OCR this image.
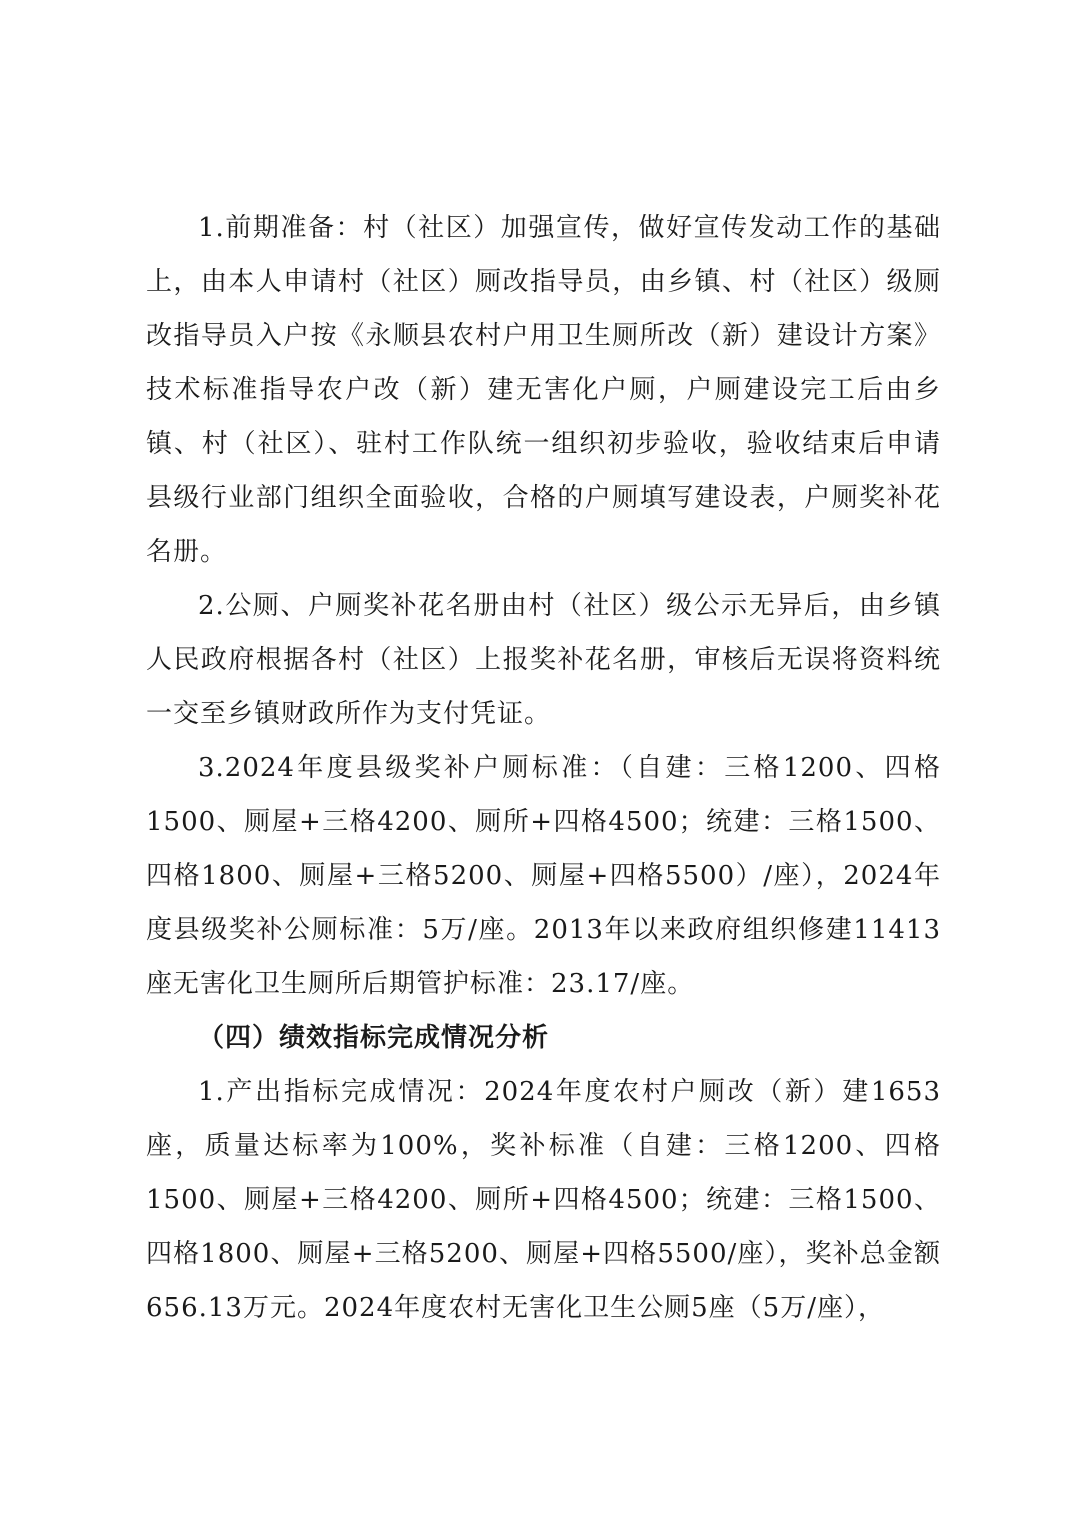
1.前期准备：村（社区）加强宣传，做好宣传发动工作的基础上，由本人申请村（社区）厕改指导员，由乡镇、村（社区）级厕改指导员入户按《永顺县农村户用卫生厕所改（新）建设计方案》技术标准指导农户改（新）建无害化户厕，户厕建设完工后由乡镇、村（社区）、驻村工作队统一组织初步验收，验收结束后申请县级行业部门组织全面验收，合格的户厕填写建设表，户厕奖补花名册。

2.公厕、户厕奖补花名册由村（社区）级公示无异后，由乡镇人民政府根据各村（社区）上报奖补花名册，审核后无误将资料统一交至乡镇财政所作为支付凭证。

3.2024年度县级奖补户厕标准：（自建：三格1200、四格1500、厕屋+三格4200、厕所+四格4500；统建：三格1500、四格1800、厕屋+三格5200、厕屋+四格5500）/座），2024年度县级奖补公厕标准：5万/座。2013年以来政府组织修建11413座无害化卫生厕所后期管护标准：23.17/座。

（四）绩效指标完成情况分析

1.产出指标完成情况：2024年度农村户厕改（新）建1653座，质量达标率为100%，奖补标准（自建：三格1200、四格1500、厕屋+三格4200、厕所+四格4500；统建：三格1500、四格1800、厕屋+三格5200、厕屋+四格5500/座），奖补总金额656.13万元。2024年度农村无害化卫生公厕5座（5万/座），
